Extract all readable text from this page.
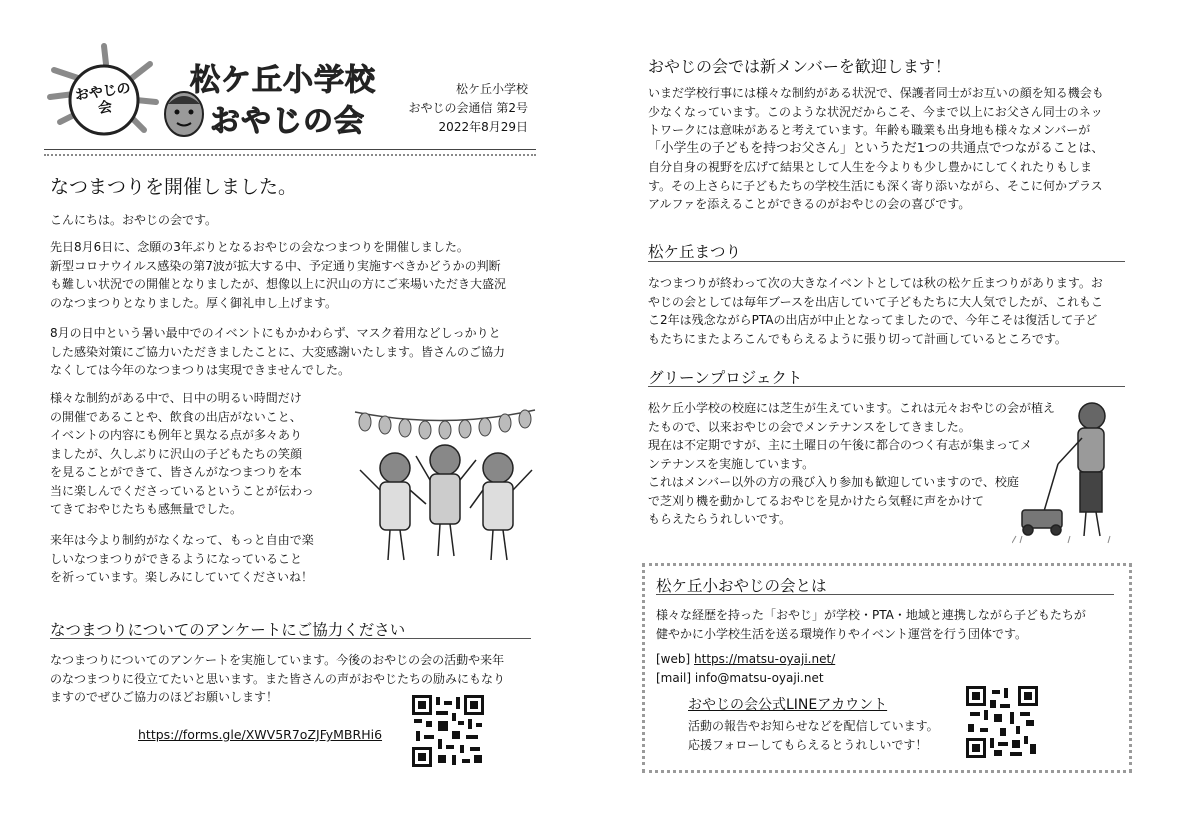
おやじの会
松ケ丘小学校
おやじの会
松ケ丘小学校
おやじの会通信 第2号
2022年8月29日
なつまつりを開催しました。

こんにちは。おやじの会です。

先日8月6日に、念願の3年ぶりとなるおやじの会なつまつりを開催しました。

新型コロナウイルス感染の第7波が拡大する中、予定通り実施すべきかどうかの判断

も難しい状況での開催となりましたが、想像以上に沢山の方にご来場いただき大盛況

のなつまつりとなりました。厚く御礼申し上げます。

8月の日中という暑い最中でのイベントにもかかわらず、マスク着用などしっかりと

した感染対策にご協力いただきましたことに、大変感謝いたします。皆さんのご協力

なくしては今年のなつまつりは実現できませんでした。

様々な制約がある中で、日中の明るい時間だけ

の開催であることや、飲食の出店がないこと、

イベントの内容にも例年と異なる点が多々あり

ましたが、久しぶりに沢山の子どもたちの笑顔

を見ることができて、皆さんがなつまつりを本

当に楽しんでくださっているということが伝わっ

てきておやじたちも感無量でした。

来年は今より制約がなくなって、もっと自由で楽

しいなつまつりができるようになっていること

を祈っています。楽しみにしていてくださいね！

なつまつりについてのアンケートにご協力ください

なつまつりについてのアンケートを実施しています。今後のおやじの会の活動や来年

のなつまつりに役立てたいと思います。また皆さんの声がおやじたちの励みにもなり

ますのでぜひご協力のほどお願いします！

https://forms.gle/XWV5R7oZJFyMBRHi6
おやじの会では新メンバーを歓迎します！

いまだ学校行事には様々な制約がある状況で、保護者同士がお互いの顔を知る機会も

少なくなっています。このような状況だからこそ、今まで以上にお父さん同士のネッ

トワークには意味があると考えています。年齢も職業も出身地も様々なメンバーが

「小学生の子どもを持つお父さん」というただ1つの共通点でつながることは、

自分自身の視野を広げて結果として人生を今よりも少し豊かにしてくれたりもしま

す。その上さらに子どもたちの学校生活にも深く寄り添いながら、そこに何かプラス

アルファを添えることができるのがおやじの会の喜びです。

松ケ丘まつり

なつまつりが終わって次の大きなイベントとしては秋の松ケ丘まつりがあります。お

やじの会としては毎年ブースを出店していて子どもたちに大人気でしたが、これもこ

こ2年は残念ながらPTAの出店が中止となってましたので、今年こそは復活して子ど

もたちにまたよろこんでもらえるように張り切って計画しているところです。

グリーンプロジェクト

松ケ丘小学校の校庭には芝生が生えています。これは元々おやじの会が植え

たもので、以来おやじの会でメンテナンスをしてきました。

現在は不定期ですが、主に土曜日の午後に都合のつく有志が集まってメ

ンテナンスを実施しています。

これはメンバー以外の方の飛び入り参加も歓迎していますので、校庭

で芝刈り機を動かしてるおやじを見かけたら気軽に声をかけて

もらえたらうれしいです。

松ケ丘小おやじの会とは

様々な経歴を持った「おやじ」が学校・PTA・地域と連携しながら子どもたちが

健やかに小学校生活を送る環境作りやイベント運営を行う団体です。

[web] https://matsu-oyaji.net/
[mail] info@matsu-oyaji.net
おやじの会公式LINEアカウント

活動の報告やお知らせなどを配信しています。

応援フォローしてもらえるとうれしいです！
